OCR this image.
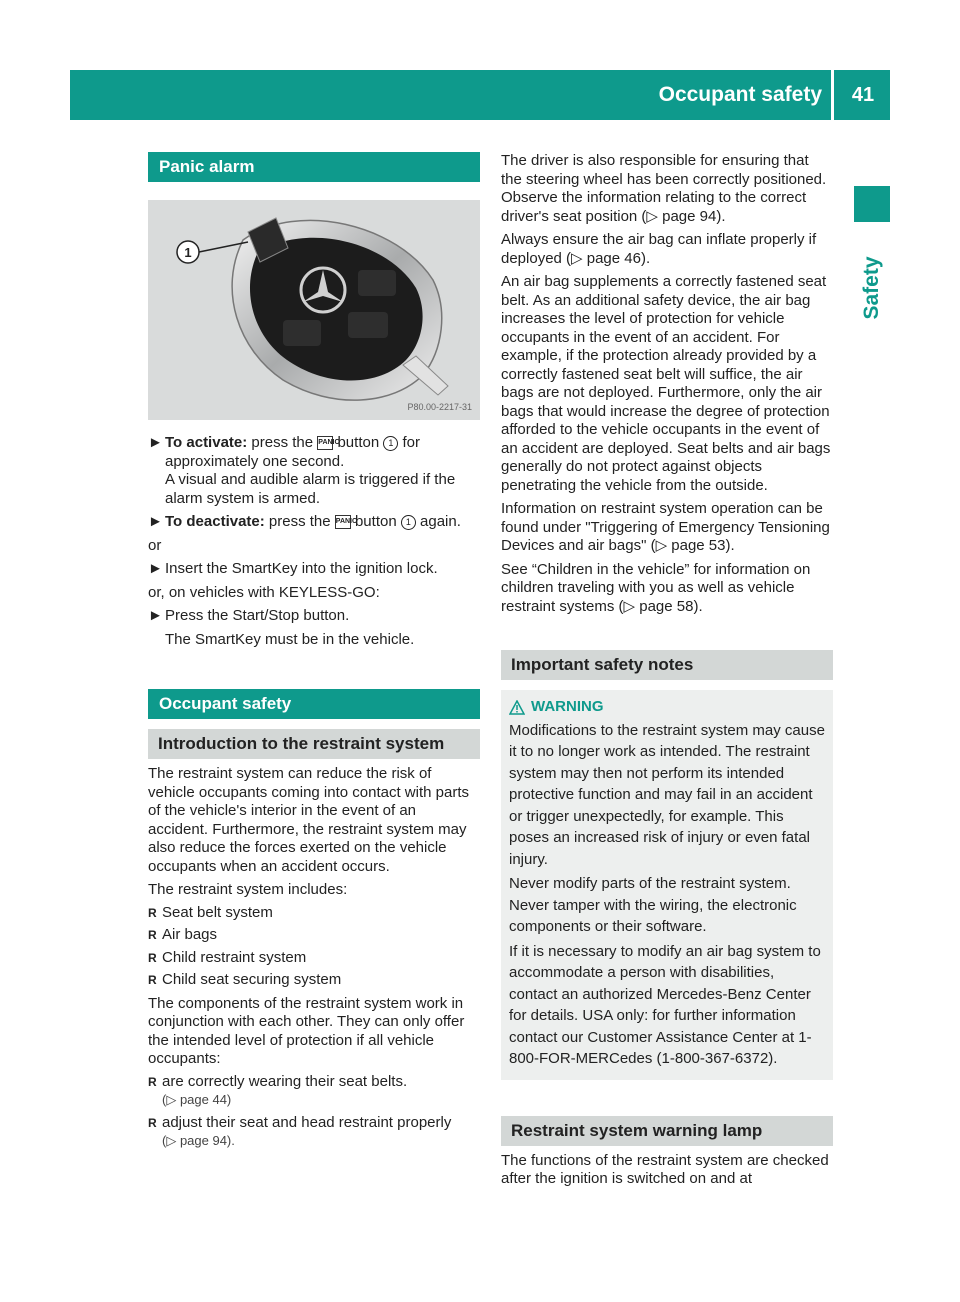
Occupant safety	41
Safety
Panic alarm
1
P80.00-2217-31
► To activate: press the PANIC button 1 for approximately one second.
A visual and audible alarm is triggered if the alarm system is armed.
► To deactivate: press the PANIC button 1 again.

or

► Insert the SmartKey into the ignition lock.

or, on vehicles with KEYLESS-GO:

► Press the Start/Stop button.
The SmartKey must be in the vehicle.
Occupant safety
Introduction to the restraint system

The restraint system can reduce the risk of vehicle occupants coming into contact with parts of the vehicle's interior in the event of an accident. Furthermore, the restraint system may also reduce the forces exerted on the vehicle occupants when an accident occurs.

The restraint system includes:

R Seat belt system
R Air bags
R Child restraint system
R Child seat securing system

The components of the restraint system work in conjunction with each other. They can only offer the intended level of protection if all vehicle occupants:

R are correctly wearing their seat belts.
(▷ page 44)
R adjust their seat and head restraint properly
(▷ page 94).

The driver is also responsible for ensuring that the steering wheel has been correctly positioned. Observe the information relating to the correct driver's seat position (▷ page 94).

Always ensure the air bag can inflate properly if deployed (▷ page 46).

An air bag supplements a correctly fastened seat belt. As an additional safety device, the air bag increases the level of protection for vehicle occupants in the event of an accident. For example, if the protection already provided by a correctly fastened seat belt will suffice, the air bags are not deployed. Furthermore, only the air bags that would increase the degree of protection afforded to the vehicle occupants in the event of an accident are deployed. Seat belts and air bags generally do not protect against objects penetrating the vehicle from the outside.

Information on restraint system operation can be found under "Triggering of Emergency Tensioning Devices and air bags" (▷ page 53).

See “Children in the vehicle” for information on children traveling with you as well as vehicle restraint systems (▷ page 58).

Important safety notes
WARNING

Modifications to the restraint system may cause it to no longer work as intended. The restraint system may then not perform its intended protective function and may fail in an accident or trigger unexpectedly, for example. This poses an increased risk of injury or even fatal injury.

Never modify parts of the restraint system. Never tamper with the wiring, the electronic components or their software.

If it is necessary to modify an air bag system to accommodate a person with disabilities, contact an authorized Mercedes-Benz Center for details. USA only: for further information contact our Customer Assistance Center at 1-800-FOR-MERCedes (1-800-367-6372).

Restraint system warning lamp

The functions of the restraint system are checked after the ignition is switched on and at
